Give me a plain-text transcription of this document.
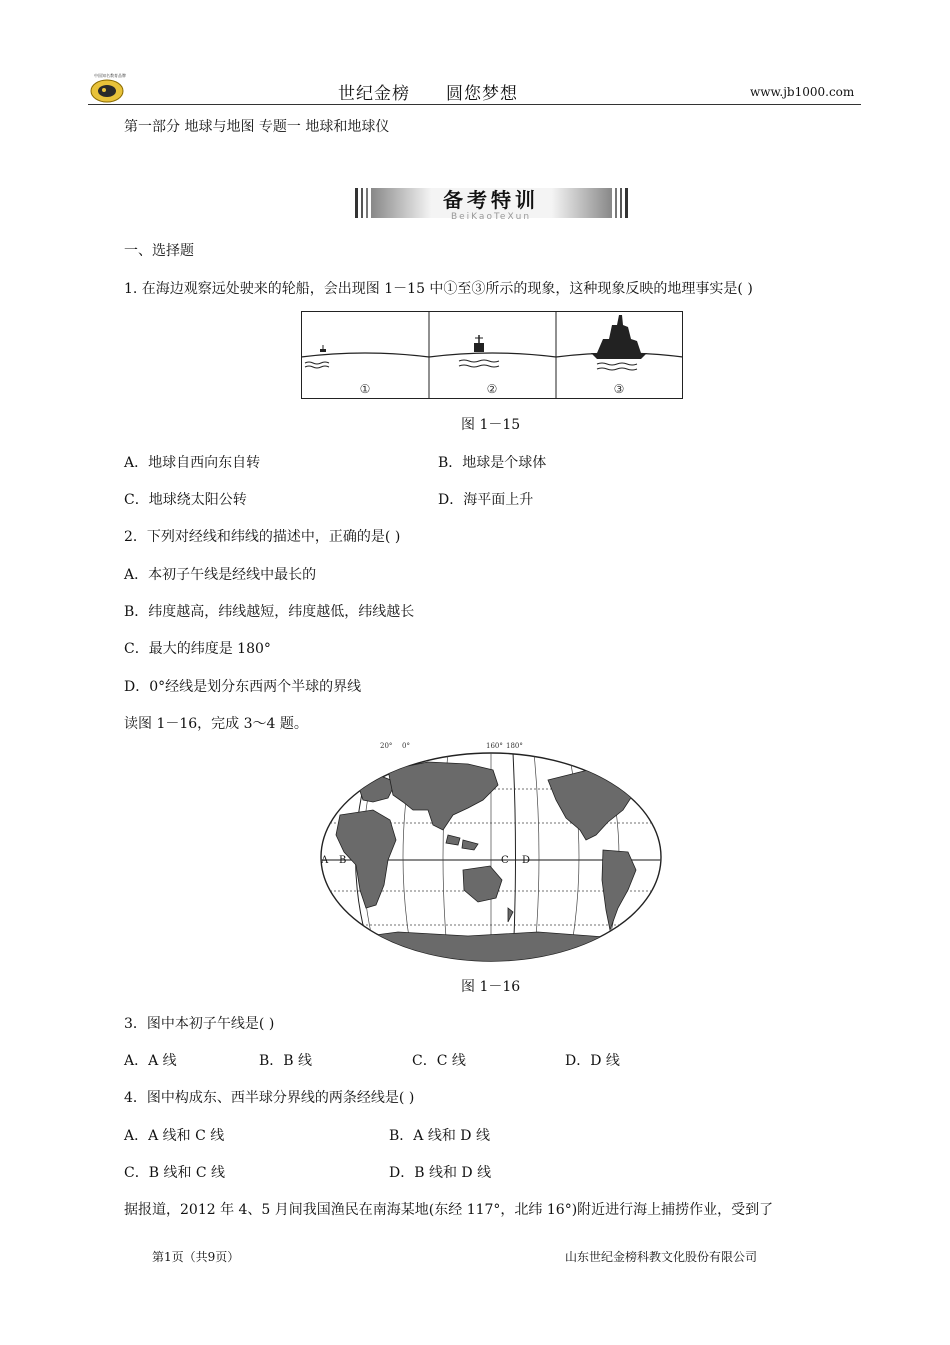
中国知名教育品牌
世纪金榜　　圆您梦想	www.jb1000.com
第一部分 地球与地图 专题一 地球和地球仪
备考特训
BeiKaoTeXun
一、选择题
1. 在海边观察远处驶来的轮船，会出现图 1－15 中①至③所示的现象，这种现象反映的地理事实是( )
①	②	③
图 1－15
A．地球自西向东自转	B．地球是个球体
C．地球绕太阳公转	D．海平面上升
2．下列对经线和纬线的描述中，正确的是( )
A．本初子午线是经线中最长的
B．纬度越高，纬线越短，纬度越低，纬线越长
C．最大的纬度是 180°
D．0°经线是划分东西两个半球的界线
读图 1－16，完成 3～4 题。
20° 0°	160° 180°
A B	C D
图 1－16
3．图中本初子午线是( )
A．A 线	B．B 线	C．C 线	D．D 线
4．图中构成东、西半球分界线的两条经线是( )
A．A 线和 C 线	B．A 线和 D 线
C．B 线和 C 线	D．B 线和 D 线
据报道，2012 年 4、5 月间我国渔民在南海某地(东经 117°，北纬 16°)附近进行海上捕捞作业，受到了
第1页（共9页）	山东世纪金榜科教文化股份有限公司
